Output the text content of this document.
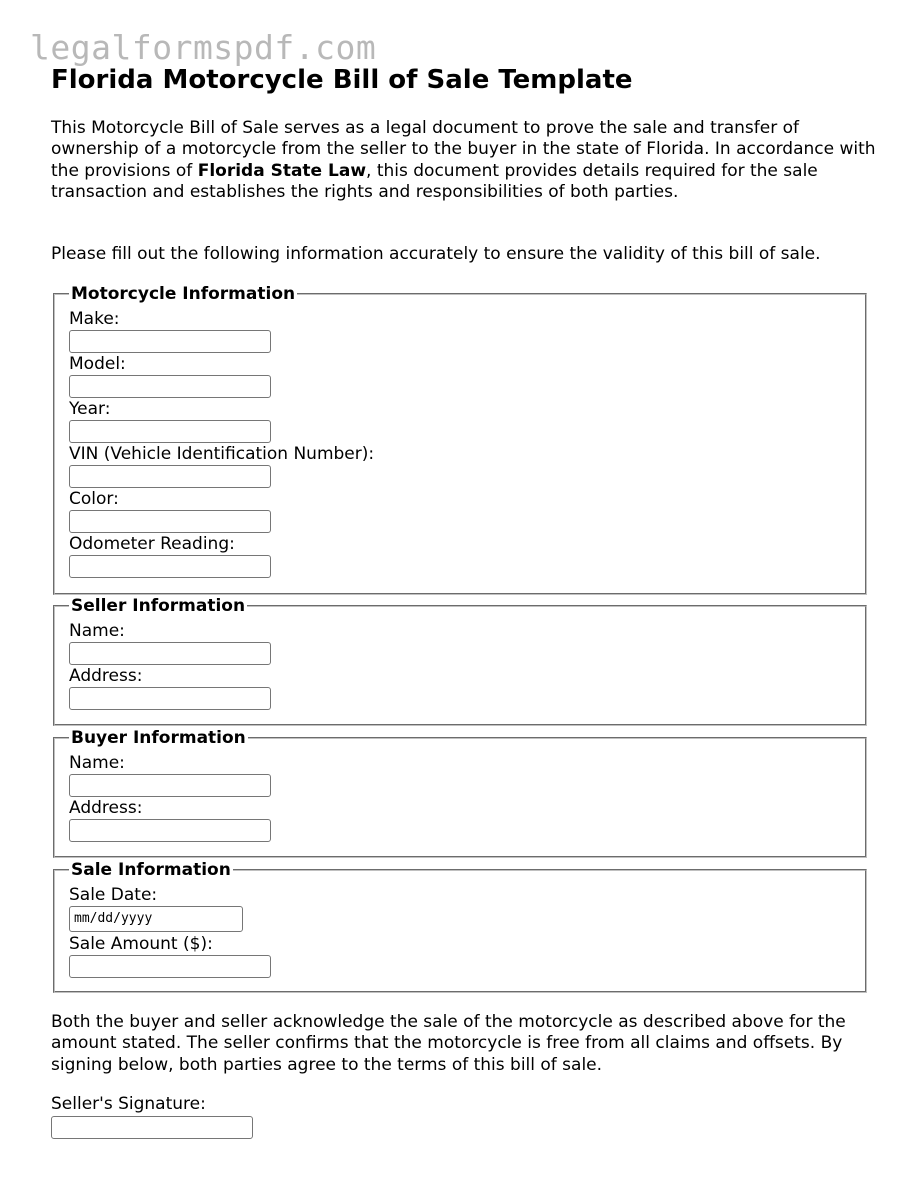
legalformspdf.com
Florida Motorcycle Bill of Sale Template

This Motorcycle Bill of Sale serves as a legal document to prove the sale and transfer of ownership of a motorcycle from the seller to the buyer in the state of Florida. In accordance with the provisions of Florida State Law, this document provides details required for the sale transaction and establishes the rights and responsibilities of both parties.

Please fill out the following information accurately to ensure the validity of this bill of sale.

Motorcycle Information
Make:
Model:
Year:
VIN (Vehicle Identification Number):
Color:
Odometer Reading:
Seller Information
Name:
Address:
Buyer Information
Name:
Address:
Sale Information
Sale Date:
mm/dd/yyyy
Sale Amount ($):

Both the buyer and seller acknowledge the sale of the motorcycle as described above for the amount stated. The seller confirms that the motorcycle is free from all claims and offsets. By signing below, both parties agree to the terms of this bill of sale.

Seller's Signature:
